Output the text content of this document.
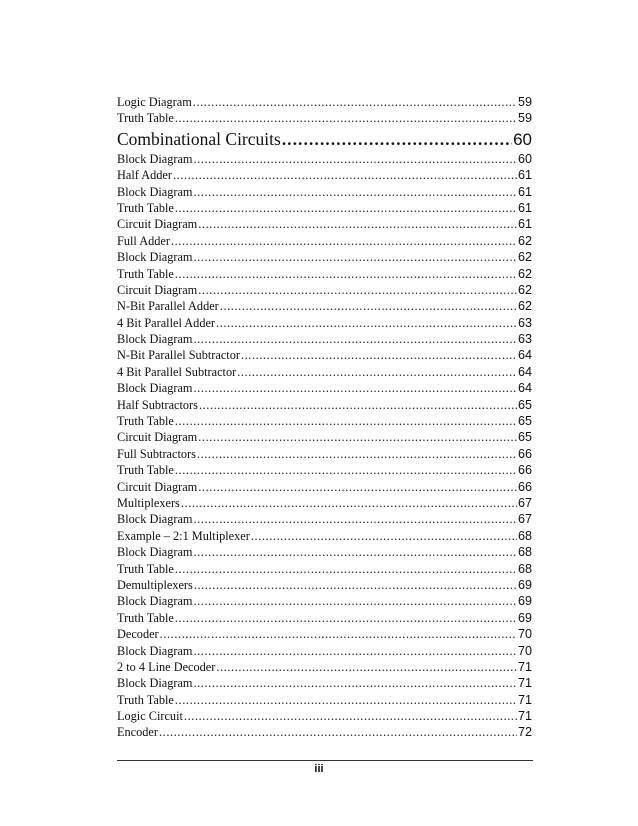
Logic Diagram .....	59
Truth Table .....	59
Combinational Circuits .....	60
Block Diagram .....	60
Half Adder .....	61
Block Diagram .....	61
Truth Table .....	61
Circuit Diagram .....	61
Full Adder .....	62
Block Diagram .....	62
Truth Table .....	62
Circuit Diagram .....	62
N-Bit Parallel Adder .....	62
4 Bit Parallel Adder .....	63
Block Diagram .....	63
N-Bit Parallel Subtractor .....	64
4 Bit Parallel Subtractor .....	64
Block Diagram .....	64
Half Subtractors .....	65
Truth Table .....	65
Circuit Diagram .....	65
Full Subtractors .....	66
Truth Table .....	66
Circuit Diagram .....	66
Multiplexers .....	67
Block Diagram .....	67
Example – 2:1 Multiplexer .....	68
Block Diagram .....	68
Truth Table .....	68
Demultiplexers .....	69
Block Diagram .....	69
Truth Table .....	69
Decoder .....	70
Block Diagram .....	70
2 to 4 Line Decoder .....	71
Block Diagram .....	71
Truth Table .....	71
Logic Circuit .....	71
Encoder .....	72
iii
